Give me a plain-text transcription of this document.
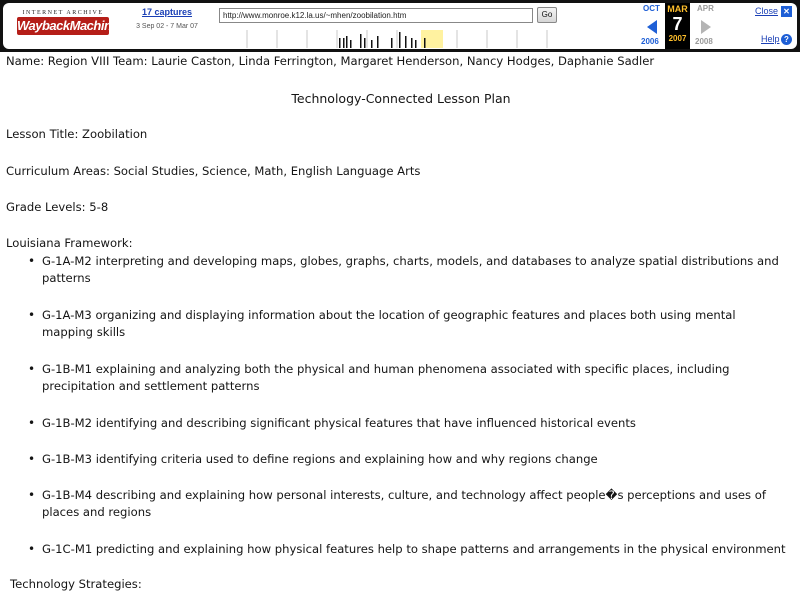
INTERNET ARCHIVE
WaybackMachine
17 captures
3 Sep 02 - 7 Mar 07
http://www.monroe.k12.la.us/~mhen/zoobilation.htm	Go
OCT
2006
MAR
7
2007
APR
2008
Close ✕
Help ?
Name: Region VIII Team: Laurie Caston, Linda Ferrington, Margaret Henderson, Nancy Hodges, Daphanie Sadler
Technology-Connected Lesson Plan
Lesson Title: Zoobilation
Curriculum Areas: Social Studies, Science, Math, English Language Arts
Grade Levels: 5-8
Louisiana Framework:
• G-1A-M2 interpreting and developing maps, globes, graphs, charts, models, and databases to analyze spatial distributions and patterns
• G-1A-M3 organizing and displaying information about the location of geographic features and places both using mental mapping skills
• G-1B-M1 explaining and analyzing both the physical and human phenomena associated with specific places, including precipitation and settlement patterns
• G-1B-M2 identifying and describing significant physical features that have influenced historical events
• G-1B-M3 identifying criteria used to define regions and explaining how and why regions change
• G-1B-M4 describing and explaining how personal interests, culture, and technology affect people�s perceptions and uses of places and regions
• G-1C-M1 predicting and explaining how physical features help to shape patterns and arrangements in the physical environment
Technology Strategies:
